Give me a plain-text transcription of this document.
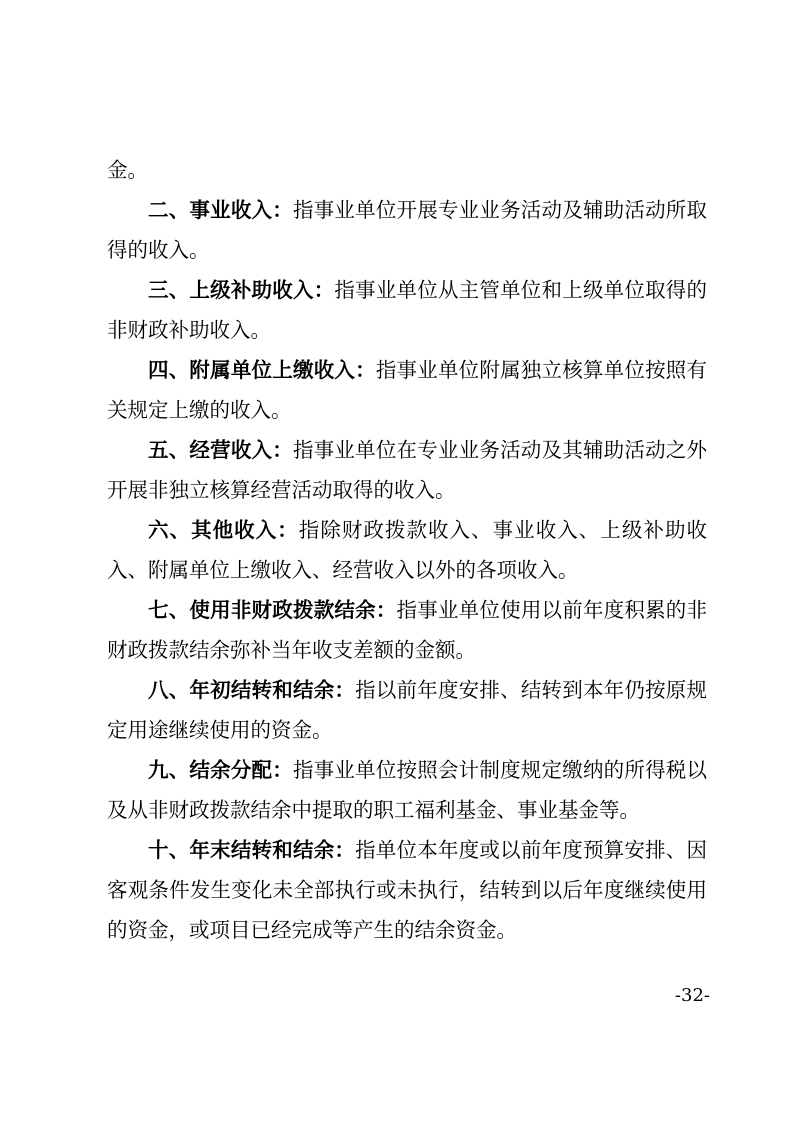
金。

二、事业收入：指事业单位开展专业业务活动及辅助活动所取得的收入。

三、上级补助收入：指事业单位从主管单位和上级单位取得的非财政补助收入。

四、附属单位上缴收入：指事业单位附属独立核算单位按照有关规定上缴的收入。

五、经营收入：指事业单位在专业业务活动及其辅助活动之外开展非独立核算经营活动取得的收入。

六、其他收入：指除财政拨款收入、事业收入、上级补助收入、附属单位上缴收入、经营收入以外的各项收入。

七、使用非财政拨款结余：指事业单位使用以前年度积累的非财政拨款结余弥补当年收支差额的金额。

八、年初结转和结余：指以前年度安排、结转到本年仍按原规定用途继续使用的资金。

九、结余分配：指事业单位按照会计制度规定缴纳的所得税以及从非财政拨款结余中提取的职工福利基金、事业基金等。

十、年末结转和结余：指单位本年度或以前年度预算安排、因客观条件发生变化未全部执行或未执行，结转到以后年度继续使用的资金，或项目已经完成等产生的结余资金。

-32-
